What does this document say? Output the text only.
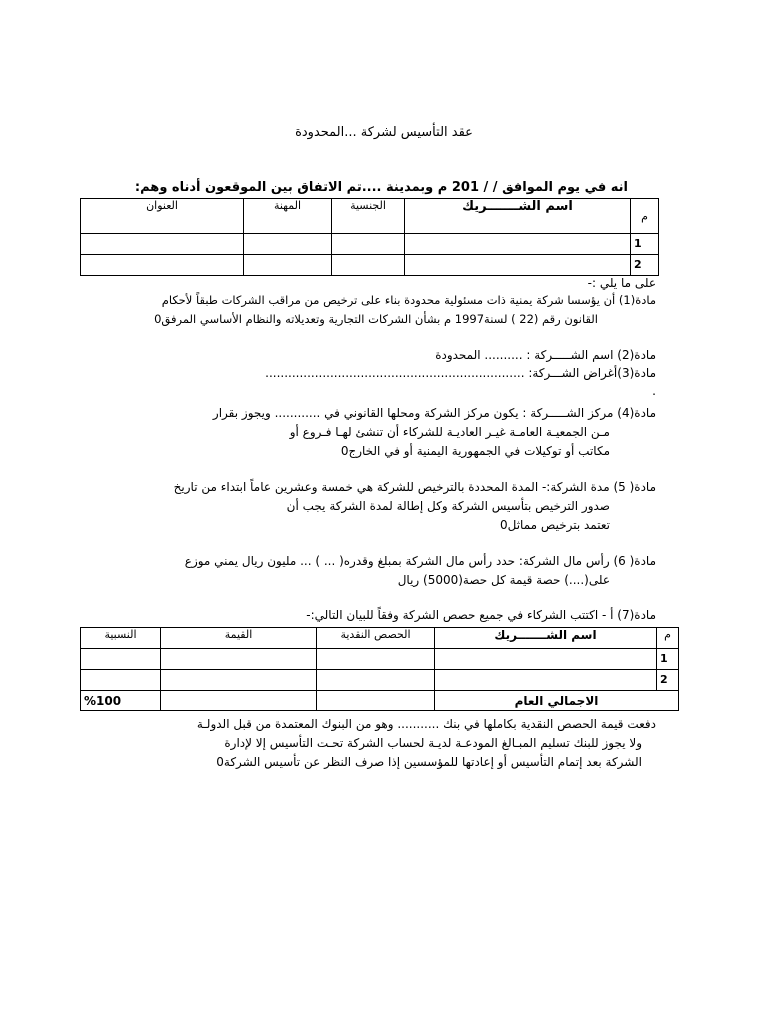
عقد التأسيس لشركة ...المحدودة
انه في يوم الموافق / / 201 م وبمدينة ....تم الاتفاق بين الموقعون أدناه وهم:
م	اسم الشـــــــريك	الجنسية	المهنة	العنوان
1				
2				
على ما يلي :-
مادة(1) أن يؤسسا شركة يمنية ذات مسئولية محدودة بناء على ترخيص من مراقب الشركات طبقاً لأحكام
القانون رقم (22 ) لسنة1997 م بشأن الشركات التجارية وتعديلاته والنظام الأساسي المرفق0
مادة(2) اسم الشـــــركة : .......... المحدودة
مادة(3)أغراض الشـــركة: ....................................................................
.
مادة(4) مركز الشـــــركة : يكون مركز الشركة ومحلها القانوني في ............ ويجوز بقرار
مـن الجمعيـة العامـة غيـر العاديـة للشركاء أن تنشئ لهـا فـروع أو
مكاتب أو توكيلات في الجمهورية اليمنية أو في الخارج0
مادة( 5) مدة الشركة:- المدة المحددة بالترخيص للشركة هي خمسة وعشرين عاماً ابتداء من تاريخ
صدور الترخيص بتأسيس الشركة وكل إطالة لمدة الشركة يجب أن
تعتمد بترخيص مماثل0
مادة( 6) رأس مال الشركة: حدد رأس مال الشركة بمبلغ وقدره( ... ) ... مليون ريال يمني موزع
على(....) حصة قيمة كل حصة(5000) ريال
مادة(7) أ - اكتتب الشركاء في جميع حصص الشركة وفقاً للبيان التالي:-
م	اسم الشـــــــريك	الحصص النقدية	القيمة	النسبية
1				
2				
الاجمالي العام				%100
دفعت قيمة الحصص النقدية بكاملها في بنك ........... وهو من البنوك المعتمدة من قبل الدولـة
ولا يجوز للبنك تسليم المبـالغ المودعـة لديـة لحساب الشركة تحـت التأسيس إلا لإدارة
الشركة بعد إتمام التأسيس أو إعادتها للمؤسسين إذا صرف النظر عن تأسيس الشركة0
